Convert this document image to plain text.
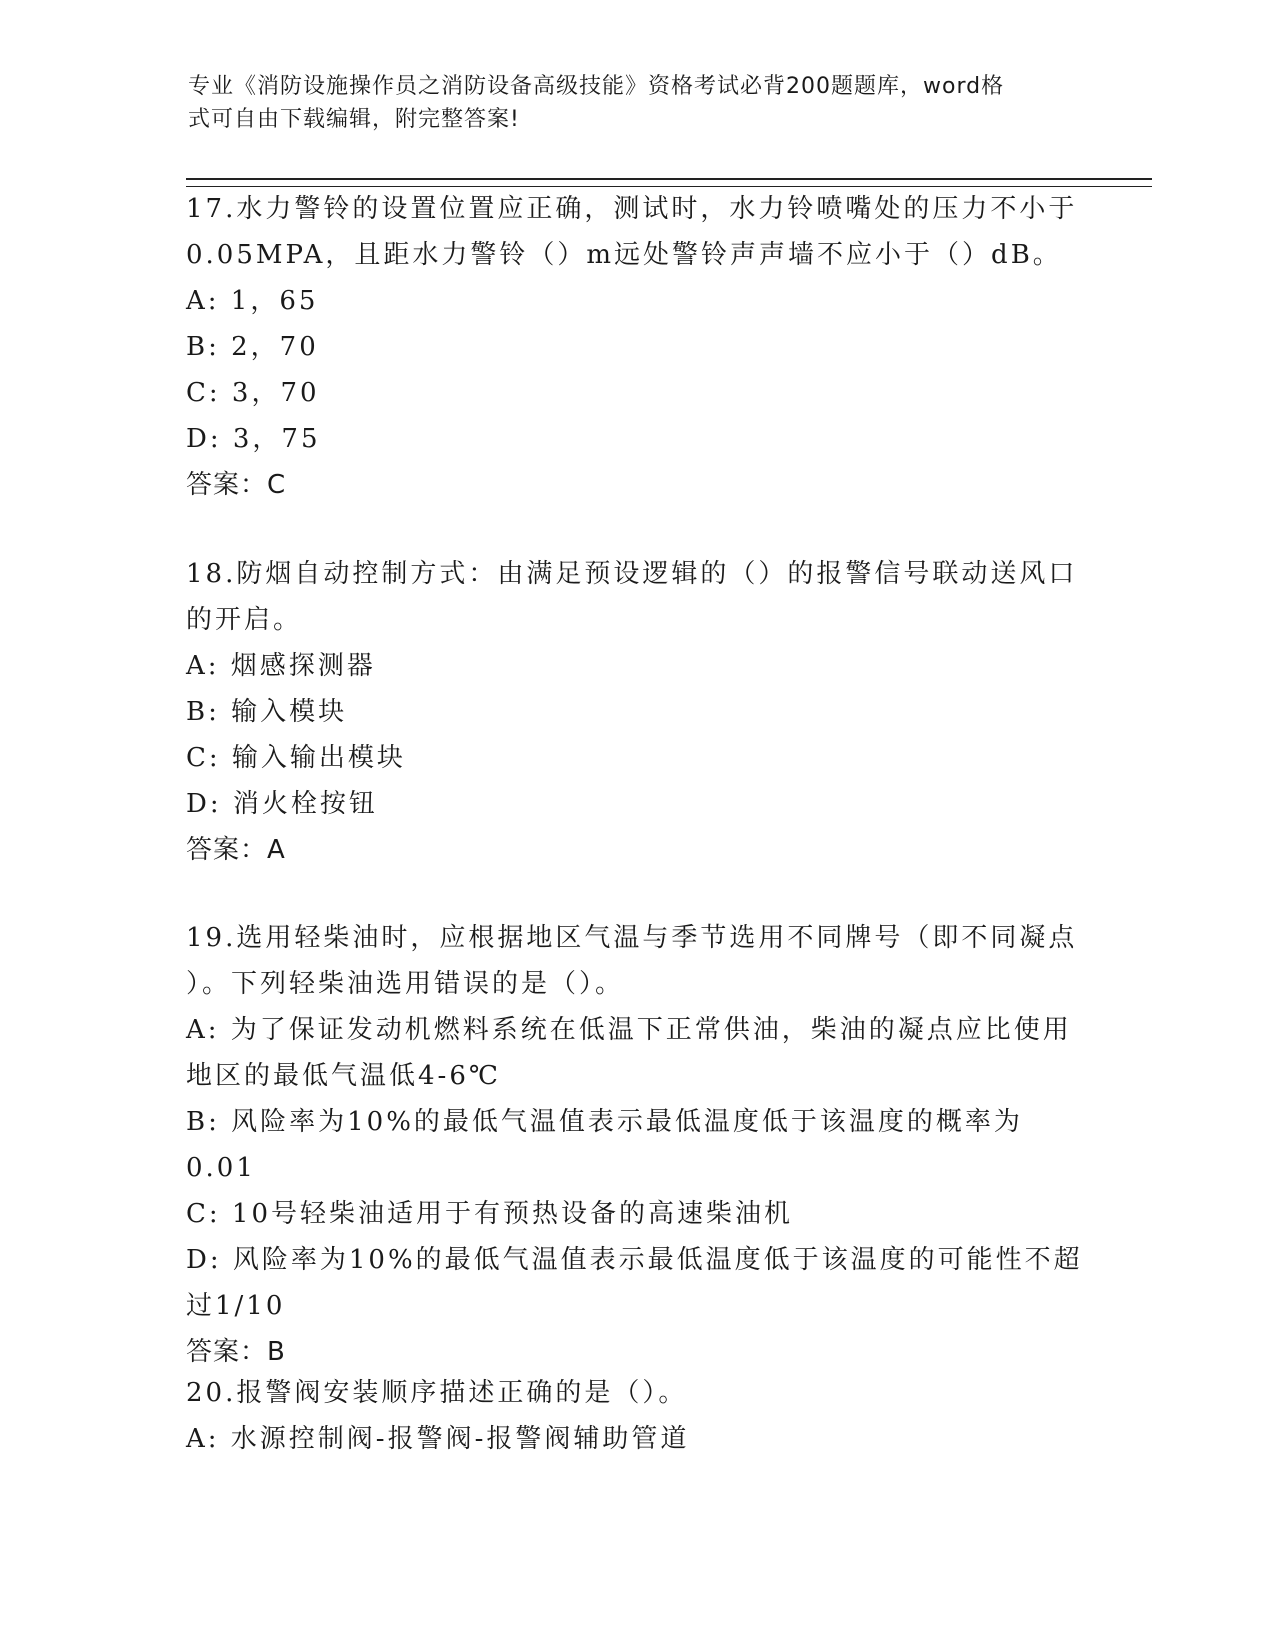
专业《消防设施操作员之消防设备高级技能》资格考试必背200题题库，word格
式可自由下载编辑，附完整答案!
17.水力警铃的设置位置应正确，测试时，水力铃喷嘴处的压力不小于
0.05MPA，且距水力警铃（）m远处警铃声声墙不应小于（）dB。
A: 1，65
B: 2，70
C: 3，70
D: 3，75
答案：C
18.防烟自动控制方式：由满足预设逻辑的（）的报警信号联动送风口
的开启。
A: 烟感探测器
B: 输入模块
C: 输入输出模块
D: 消火栓按钮
答案：A
19.选用轻柴油时，应根据地区气温与季节选用不同牌号（即不同凝点
）。下列轻柴油选用错误的是（）。
A: 为了保证发动机燃料系统在低温下正常供油，柴油的凝点应比使用
地区的最低气温低4-6℃
B: 风险率为10%的最低气温值表示最低温度低于该温度的概率为0.01
C: 10号轻柴油适用于有预热设备的高速柴油机
D: 风险率为10%的最低气温值表示最低温度低于该温度的可能性不超
过1/10
答案：B
20.报警阀安装顺序描述正确的是（）。
A: 水源控制阀-报警阀-报警阀辅助管道
